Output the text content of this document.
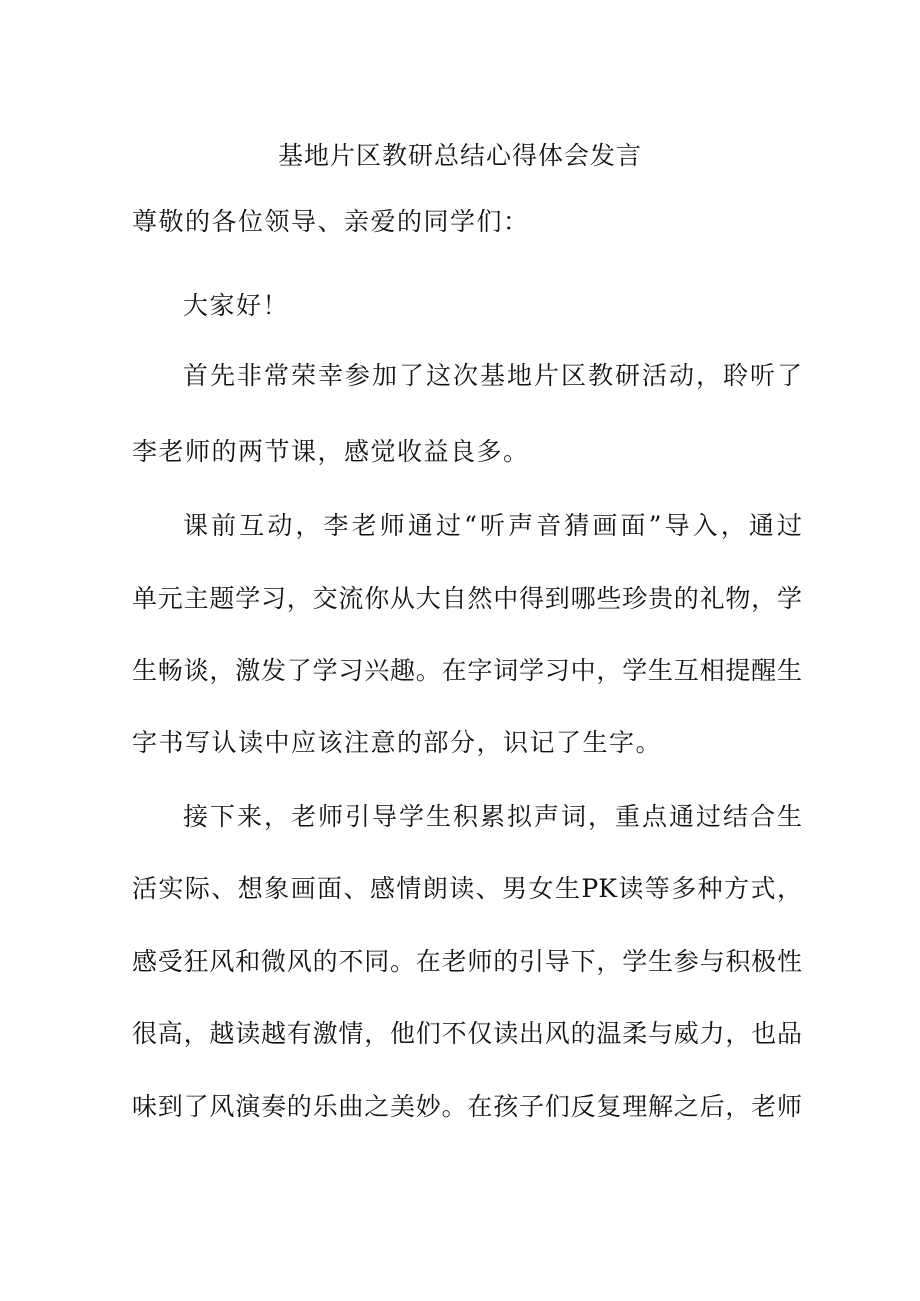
基地片区教研总结心得体会发言
尊敬的各位领导、亲爱的同学们：
大家好！
首先非常荣幸参加了这次基地片区教研活动，聆听了
李老师的两节课，感觉收益良多。
课前互动，李老师通过“听声音猜画面”导入，通过
单元主题学习，交流你从大自然中得到哪些珍贵的礼物，学
生畅谈，激发了学习兴趣。在字词学习中，学生互相提醒生
字书写认读中应该注意的部分，识记了生字。
接下来，老师引导学生积累拟声词，重点通过结合生
活实际、想象画面、感情朗读、男女生PK读等多种方式，
感受狂风和微风的不同。在老师的引导下，学生参与积极性
很高，越读越有激情，他们不仅读出风的温柔与威力，也品
味到了风演奏的乐曲之美妙。在孩子们反复理解之后，老师
